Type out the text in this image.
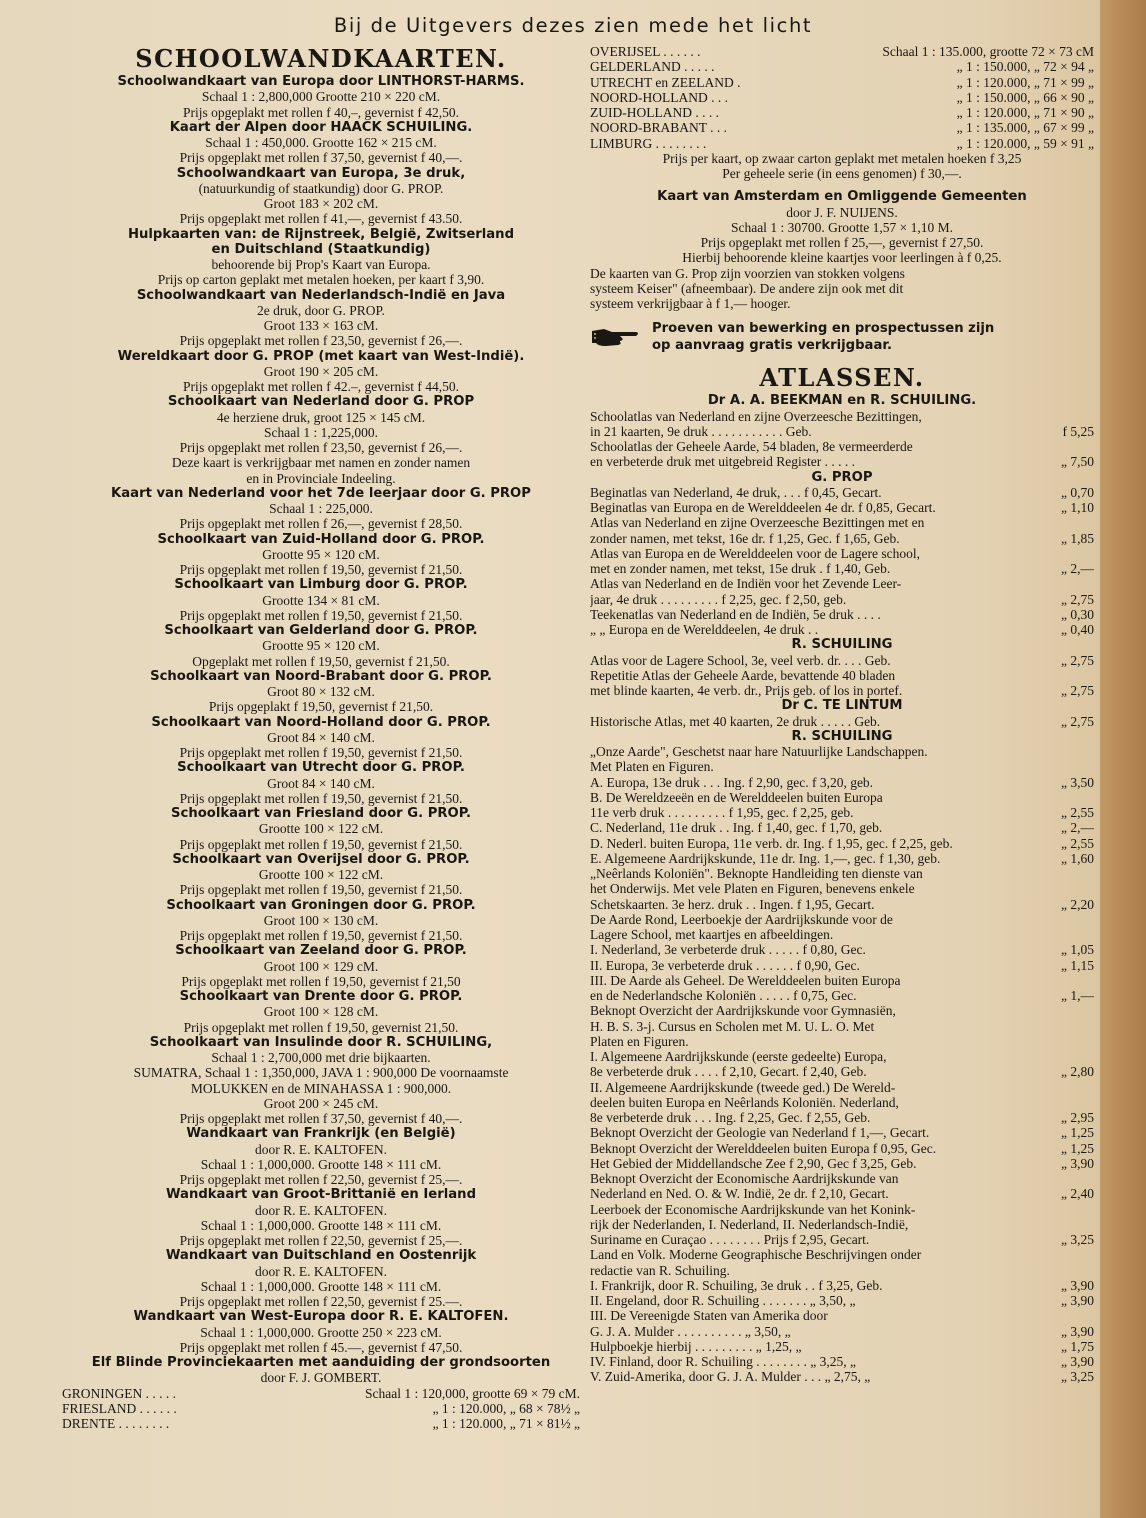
Bij de Uitgevers dezes zien mede het licht
SCHOOLWANDKAARTEN.
Schoolwandkaart van Europa door LINTHORST-HARMS.
Schaal 1 : 2,800,000 Grootte 210 × 220 cM.
Prijs opgeplakt met rollen f 40,–, gevernist f 42,50.
Kaart der Alpen door HAACK SCHUILING.
Schaal 1 : 450,000. Grootte 162 × 215 cM.
Prijs opgeplakt met rollen f 37,50, gevernist f 40,—.
Schoolwandkaart van Europa, 3e druk,
(natuurkundig of staatkundig) door G. PROP.
Groot 183 × 202 cM.
Prijs opgeplakt met rollen f 41,—, gevernist f 43.50.
Hulpkaarten van: de Rijnstreek, België, Zwitserland
en Duitschland (Staatkundig)
behoorende bij Prop's Kaart van Europa.
Prijs op carton geplakt met metalen hoeken, per kaart f 3,90.
Schoolwandkaart van Nederlandsch-Indië en Java
2e druk, door G. PROP.
Groot 133 × 163 cM.
Prijs opgeplakt met rollen f 23,50, gevernist f 26,—.
Wereldkaart door G. PROP (met kaart van West-Indië).
Groot 190 × 205 cM.
Prijs opgeplakt met rollen f 42.–, gevernist f 44,50.
Schoolkaart van Nederland door G. PROP
4e herziene druk, groot 125 × 145 cM.
Schaal 1 : 1,225,000.
Prijs opgeplakt met rollen f 23,50, gevernist f 26,—.
Deze kaart is verkrijgbaar met namen en zonder namen
en in Provinciale Indeeling.
Kaart van Nederland voor het 7de leerjaar door G. PROP
Schaal 1 : 225,000.
Prijs opgeplakt met rollen f 26,—, gevernist f 28,50.
Schoolkaart van Zuid-Holland door G. PROP.
Grootte 95 × 120 cM.
Prijs opgeplakt met rollen f 19,50, gevernist f 21,50.
Schoolkaart van Limburg door G. PROP.
Grootte 134 × 81 cM.
Prijs opgeplakt met rollen f 19,50, gevernist f 21,50.
Schoolkaart van Gelderland door G. PROP.
Grootte 95 × 120 cM.
Opgeplakt met rollen f 19,50, gevernist f 21,50.
Schoolkaart van Noord-Brabant door G. PROP.
Groot 80 × 132 cM.
Prijs opgeplakt f 19,50, gevernist f 21,50.
Schoolkaart van Noord-Holland door G. PROP.
Groot 84 × 140 cM.
Prijs opgeplakt met rollen f 19,50, gevernist f 21,50.
Schoolkaart van Utrecht door G. PROP.
Groot 84 × 140 cM.
Prijs opgeplakt met rollen f 19,50, gevernist f 21,50.
Schoolkaart van Friesland door G. PROP.
Grootte 100 × 122 cM.
Prijs opgeplakt met rollen f 19,50, gevernist f 21,50.
Schoolkaart van Overijsel door G. PROP.
Grootte 100 × 122 cM.
Prijs opgeplakt met rollen f 19,50, gevernist f 21,50.
Schoolkaart van Groningen door G. PROP.
Groot 100 × 130 cM.
Prijs opgeplakt met rollen f 19,50, gevernist f 21,50.
Schoolkaart van Zeeland door G. PROP.
Groot 100 × 129 cM.
Prijs opgeplakt met rollen f 19,50, gevernist f 21,50
Schoolkaart van Drente door G. PROP.
Groot 100 × 128 cM.
Prijs opgeplakt met rollen f 19,50, gevernist 21,50.
Schoolkaart van Insulinde door R. SCHUILING,
Schaal 1 : 2,700,000 met drie bijkaarten.
SUMATRA, Schaal 1 : 1,350,000, JAVA 1 : 900,000 De voornaamste
MOLUKKEN en de MINAHASSA 1 : 900,000.
Groot 200 × 245 cM.
Prijs opgeplakt met rollen f 37,50, gevernist f 40,—.
Wandkaart van Frankrijk (en België)
door R. E. KALTOFEN.
Schaal 1 : 1,000,000. Grootte 148 × 111 cM.
Prijs opgeplakt met rollen f 22,50, gevernist f 25,—.
Wandkaart van Groot-Brittanië en Ierland
door R. E. KALTOFEN.
Schaal 1 : 1,000,000. Grootte 148 × 111 cM.
Prijs opgeplakt met rollen f 22,50, gevernist f 25,—.
Wandkaart van Duitschland en Oostenrijk
door R. E. KALTOFEN.
Schaal 1 : 1,000,000. Grootte 148 × 111 cM.
Prijs opgeplakt met rollen f 22,50, gevernist f 25.—.
Wandkaart van West-Europa door R. E. KALTOFEN.
Schaal 1 : 1,000,000. Grootte 250 × 223 cM.
Prijs opgeplakt met rollen f 45.—, gevernist f 47,50.
Elf Blinde Provinciekaarten met aanduiding der grondsoorten
door F. J. GOMBERT.
GRONINGEN . . . . .	Schaal 1 : 120,000, grootte 69 × 79 cM.
FRIESLAND . . . . . .	„ 1 : 120.000, „ 68 × 78½ „
DRENTE . . . . . . . .	„ 1 : 120.000, „ 71 × 81½ „
OVERIJSEL . . . . . .	Schaal 1 : 135.000, grootte 72 × 73 cM
GELDERLAND . . . . .	„ 1 : 150.000, „ 72 × 94 „
UTRECHT en ZEELAND .	„ 1 : 120.000, „ 71 × 99 „
NOORD-HOLLAND . . .	„ 1 : 150.000, „ 66 × 90 „
ZUID-HOLLAND . . . .	„ 1 : 120.000, „ 71 × 90 „
NOORD-BRABANT . . .	„ 1 : 135.000, „ 67 × 99 „
LIMBURG . . . . . . . .	„ 1 : 120.000, „ 59 × 91 „
Prijs per kaart, op zwaar carton geplakt met metalen hoeken f 3,25
Per geheele serie (in eens genomen) f 30,—.
Kaart van Amsterdam en Omliggende Gemeenten
door J. F. NUIJENS.
Schaal 1 : 30700. Grootte 1,57 × 1,10 M.
Prijs opgeplakt met rollen f 25,—, gevernist f 27,50.
Hierbij behoorende kleine kaartjes voor leerlingen à f 0,25.
De kaarten van G. Prop zijn voorzien van stokken volgens
systeem Keiser" (afneembaar). De andere zijn ook met dit
systeem verkrijgbaar à f 1,— hooger.
Proeven van bewerking en prospectussen zijn
op aanvraag gratis verkrijgbaar.
ATLASSEN.
Dr A. A. BEEKMAN en R. SCHUILING.
Schoolatlas van Nederland en zijne Overzeesche Bezittingen,
in 21 kaarten, 9e druk . . . . . . . . . . . Geb.	f 5,25
Schoolatlas der Geheele Aarde, 54 bladen, 8e vermeerderde
en verbeterde druk met uitgebreid Register . . . . .	„ 7,50
G. PROP
Beginatlas van Nederland, 4e druk, . . . f 0,45, Gecart.	„ 0,70
Beginatlas van Europa en de Werelddeelen 4e dr. f 0,85, Gecart.	„ 1,10
Atlas van Nederland en zijne Overzeesche Bezittingen met en
zonder namen, met tekst, 16e dr. f 1,25, Gec. f 1,65, Geb.	„ 1,85
Atlas van Europa en de Werelddeelen voor de Lagere school,
met en zonder namen, met tekst, 15e druk . f 1,40, Geb.	„ 2,—
Atlas van Nederland en de Indiën voor het Zevende Leer-
jaar, 4e druk . . . . . . . . . f 2,25, gec. f 2,50, geb.	„ 2,75
Teekenatlas van Nederland en de Indiën, 5e druk . . . .	„ 0,30
„ „ Europa en de Werelddeelen, 4e druk . .	„ 0,40
R. SCHUILING
Atlas voor de Lagere School, 3e, veel verb. dr. . . . Geb.	„ 2,75
Repetitie Atlas der Geheele Aarde, bevattende 40 bladen
met blinde kaarten, 4e verb. dr., Prijs geb. of los in portef.	„ 2,75
Dr C. TE LINTUM
Historische Atlas, met 40 kaarten, 2e druk . . . . . Geb.	„ 2,75
R. SCHUILING
„Onze Aarde", Geschetst naar hare Natuurlijke Landschappen.
Met Platen en Figuren.
A. Europa, 13e druk . . . Ing. f 2,90, gec. f 3,20, geb.	„ 3,50
B. De Wereldzeeën en de Werelddeelen buiten Europa
11e verb druk . . . . . . . . . f 1,95, gec. f 2,25, geb.	„ 2,55
C. Nederland, 11e druk . . Ing. f 1,40, gec. f 1,70, geb.	„ 2,—
D. Nederl. buiten Europa, 11e verb. dr. Ing. f 1,95, gec. f 2,25, geb.	„ 2,55
E. Algemeene Aardrijkskunde, 11e dr. Ing. 1,—, gec. f 1,30, geb.	„ 1,60
„Neêrlands Koloniën". Beknopte Handleiding ten dienste van
het Onderwijs. Met vele Platen en Figuren, benevens enkele
Schetskaarten. 3e herz. druk . . Ingen. f 1,95, Gecart.	„ 2,20
De Aarde Rond, Leerboekje der Aardrijkskunde voor de
Lagere School, met kaartjes en afbeeldingen.
I. Nederland, 3e verbeterde druk . . . . . f 0,80, Gec.	„ 1,05
II. Europa, 3e verbeterde druk . . . . . . f 0,90, Gec.	„ 1,15
III. De Aarde als Geheel. De Werelddeelen buiten Europa
en de Nederlandsche Koloniën . . . . . f 0,75, Gec.	„ 1,—
Beknopt Overzicht der Aardrijkskunde voor Gymnasiën,
H. B. S. 3-j. Cursus en Scholen met M. U. L. O. Met
Platen en Figuren.
I. Algemeene Aardrijkskunde (eerste gedeelte) Europa,
8e verbeterde druk . . . . f 2,10, Gecart. f 2,40, Geb.	„ 2,80
II. Algemeene Aardrijkskunde (tweede ged.) De Wereld-
deelen buiten Europa en Neêrlands Koloniën. Nederland,
8e verbeterde druk . . . Ing. f 2,25, Gec. f 2,55, Geb.	„ 2,95
Beknopt Overzicht der Geologie van Nederland f 1,—, Gecart.	„ 1,25
Beknopt Overzicht der Werelddeelen buiten Europa f 0,95, Gec.	„ 1,25
Het Gebied der Middellandsche Zee f 2,90, Gec f 3,25, Geb.	„ 3,90
Beknopt Overzicht der Economische Aardrijkskunde van
Nederland en Ned. O. & W. Indië, 2e dr. f 2,10, Gecart.	„ 2,40
Leerboek der Economische Aardrijkskunde van het Konink-
rijk der Nederlanden, I. Nederland, II. Nederlandsch-Indië,
Suriname en Curaçao . . . . . . . . Prijs f 2,95, Gecart.	„ 3,25
Land en Volk. Moderne Geographische Beschrijvingen onder
redactie van R. Schuiling.
I. Frankrijk, door R. Schuiling, 3e druk . . f 3,25, Geb.	„ 3,90
II. Engeland, door R. Schuiling . . . . . . . „ 3,50, „	„ 3,90
III. De Vereenigde Staten van Amerika door
G. J. A. Mulder . . . . . . . . . . „ 3,50, „	„ 3,90
Hulpboekje hierbij . . . . . . . . . „ 1,25, „	„ 1,75
IV. Finland, door R. Schuiling . . . . . . . . „ 3,25, „	„ 3,90
V. Zuid-Amerika, door G. J. A. Mulder . . . „ 2,75, „	„ 3,25
